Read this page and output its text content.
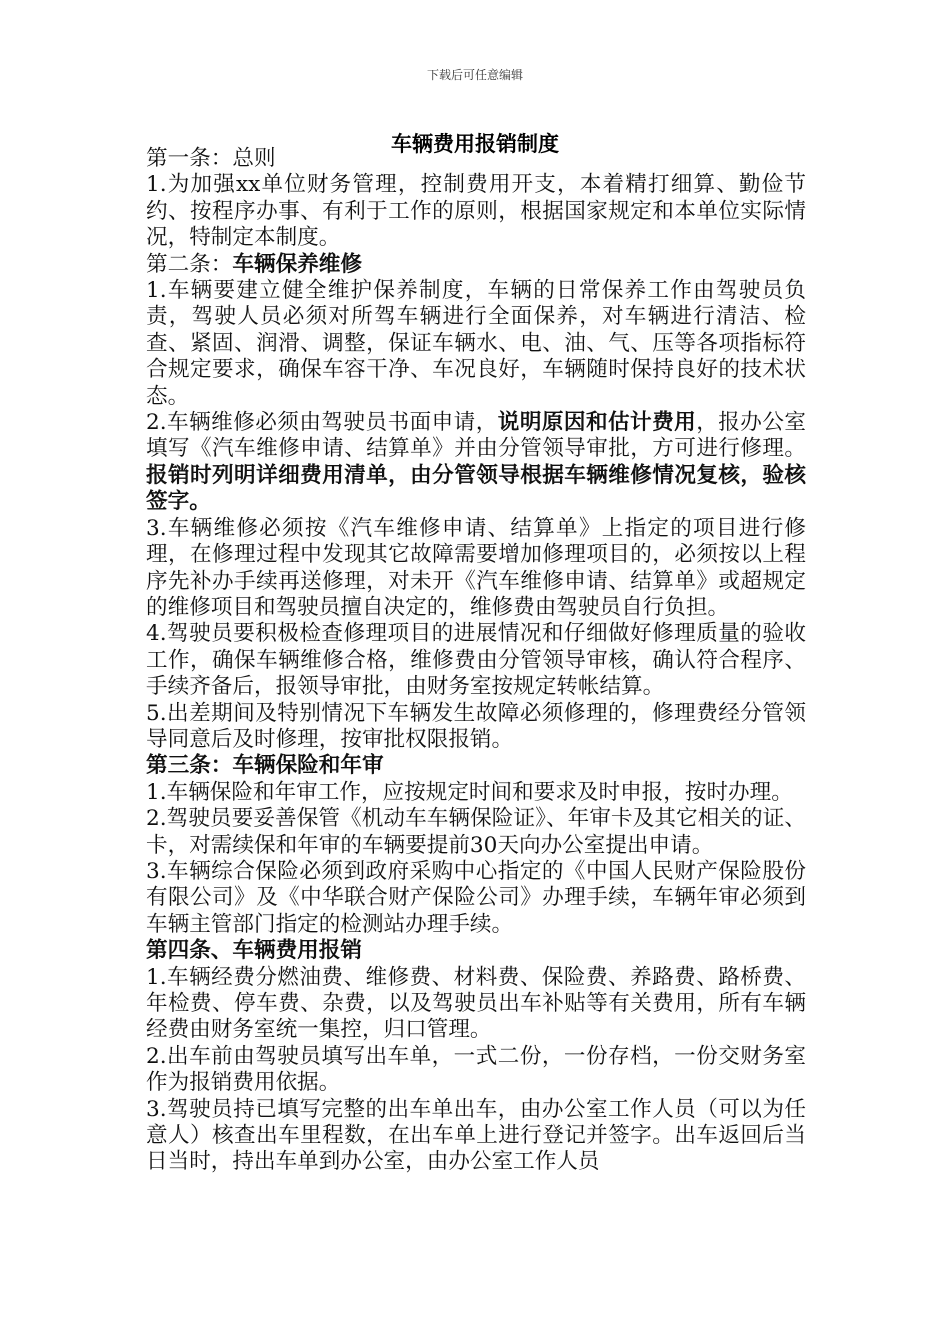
下载后可任意编辑
车辆费用报销制度

第一条：总则

1.为加强xx单位财务管理，控制费用开支，本着精打细算、勤俭节约、按程序办事、有利于工作的原则，根据国家规定和本单位实际情况，特制定本制度。

第二条：车辆保养维修

1.车辆要建立健全维护保养制度，车辆的日常保养工作由驾驶员负责，驾驶人员必须对所驾车辆进行全面保养，对车辆进行清洁、检查、紧固、润滑、调整，保证车辆水、电、油、气、压等各项指标符合规定要求，确保车容干净、车况良好，车辆随时保持良好的技术状态。

2.车辆维修必须由驾驶员书面申请，说明原因和估计费用，报办公室填写《汽车维修申请、结算单》并由分管领导审批，方可进行修理。报销时列明详细费用清单，由分管领导根据车辆维修情况复核，验核签字。

3.车辆维修必须按《汽车维修申请、结算单》上指定的项目进行修理，在修理过程中发现其它故障需要增加修理项目的，必须按以上程序先补办手续再送修理，对未开《汽车维修申请、结算单》或超规定的维修项目和驾驶员擅自决定的，维修费由驾驶员自行负担。

4.驾驶员要积极检查修理项目的进展情况和仔细做好修理质量的验收工作，确保车辆维修合格，维修费由分管领导审核，确认符合程序、手续齐备后，报领导审批，由财务室按规定转帐结算。

5.出差期间及特别情况下车辆发生故障必须修理的，修理费经分管领导同意后及时修理，按审批权限报销。

第三条：车辆保险和年审

1.车辆保险和年审工作，应按规定时间和要求及时申报，按时办理。

2.驾驶员要妥善保管《机动车车辆保险证》、年审卡及其它相关的证、卡，对需续保和年审的车辆要提前30天向办公室提出申请。

3.车辆综合保险必须到政府采购中心指定的《中国人民财产保险股份有限公司》及《中华联合财产保险公司》办理手续，车辆年审必须到车辆主管部门指定的检测站办理手续。

第四条、车辆费用报销

1.车辆经费分燃油费、维修费、材料费、保险费、养路费、路桥费、年检费、停车费、杂费，以及驾驶员出车补贴等有关费用，所有车辆经费由财务室统一集控，归口管理。

2.出车前由驾驶员填写出车单，一式二份，一份存档，一份交财务室作为报销费用依据。

3.驾驶员持已填写完整的出车单出车，由办公室工作人员（可以为任意人）核查出车里程数，在出车单上进行登记并签字。出车返回后当日当时，持出车单到办公室，由办公室工作人员
